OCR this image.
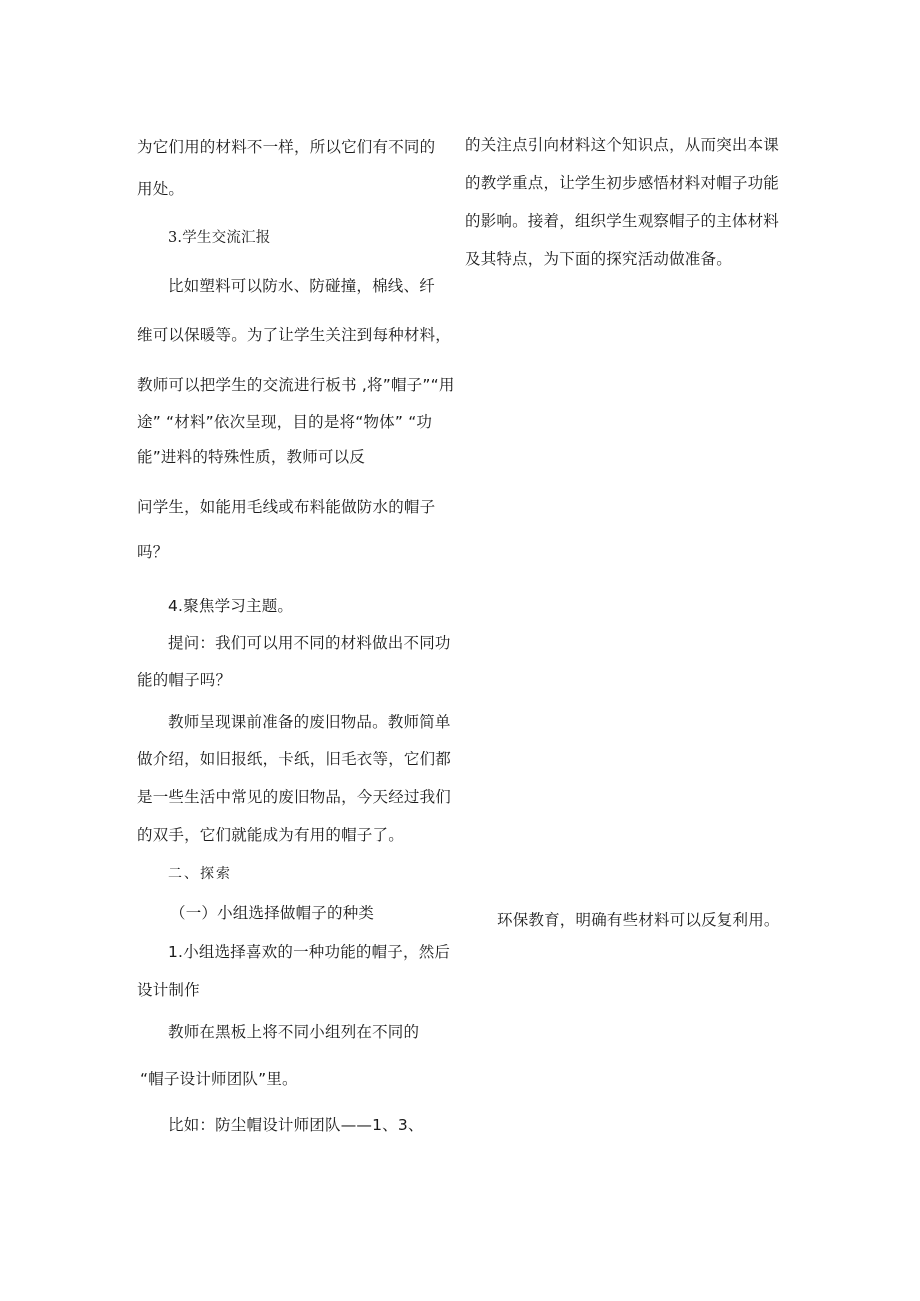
为它们用的材料不一样，所以它们有不同的
用处。
3.学生交流汇报
比如塑料可以防水、防碰撞，棉线、纤
维可以保暖等。为了让学生关注到每种材料，
教师可以把学生的交流进行板书 ,将”帽子”“用
途” “材料”依次呈现，目的是将“物体” “功
能”进料的特殊性质，教师可以反
问学生，如能用毛线或布料能做防水的帽子
吗？
4.聚焦学习主题。
提问：我们可以用不同的材料做出不同功
能的帽子吗？
教师呈现课前准备的废旧物品。教师简单
做介绍，如旧报纸，卡纸，旧毛衣等，它们都
是一些生活中常见的废旧物品，今天经过我们
的双手，它们就能成为有用的帽子了。
二、探索
（一）小组选择做帽子的种类
1.小组选择喜欢的一种功能的帽子，然后
设计制作
教师在黑板上将不同小组列在不同的
“帽子设计师团队”里。
比如：防尘帽设计师团队——1、3、
的关注点引向材料这个知识点，从而突出本课
的教学重点，让学生初步感悟材料对帽子功能
的影响。接着，组织学生观察帽子的主体材料
及其特点，为下面的探究活动做准备。
环保教育，明确有些材料可以反复利用。
